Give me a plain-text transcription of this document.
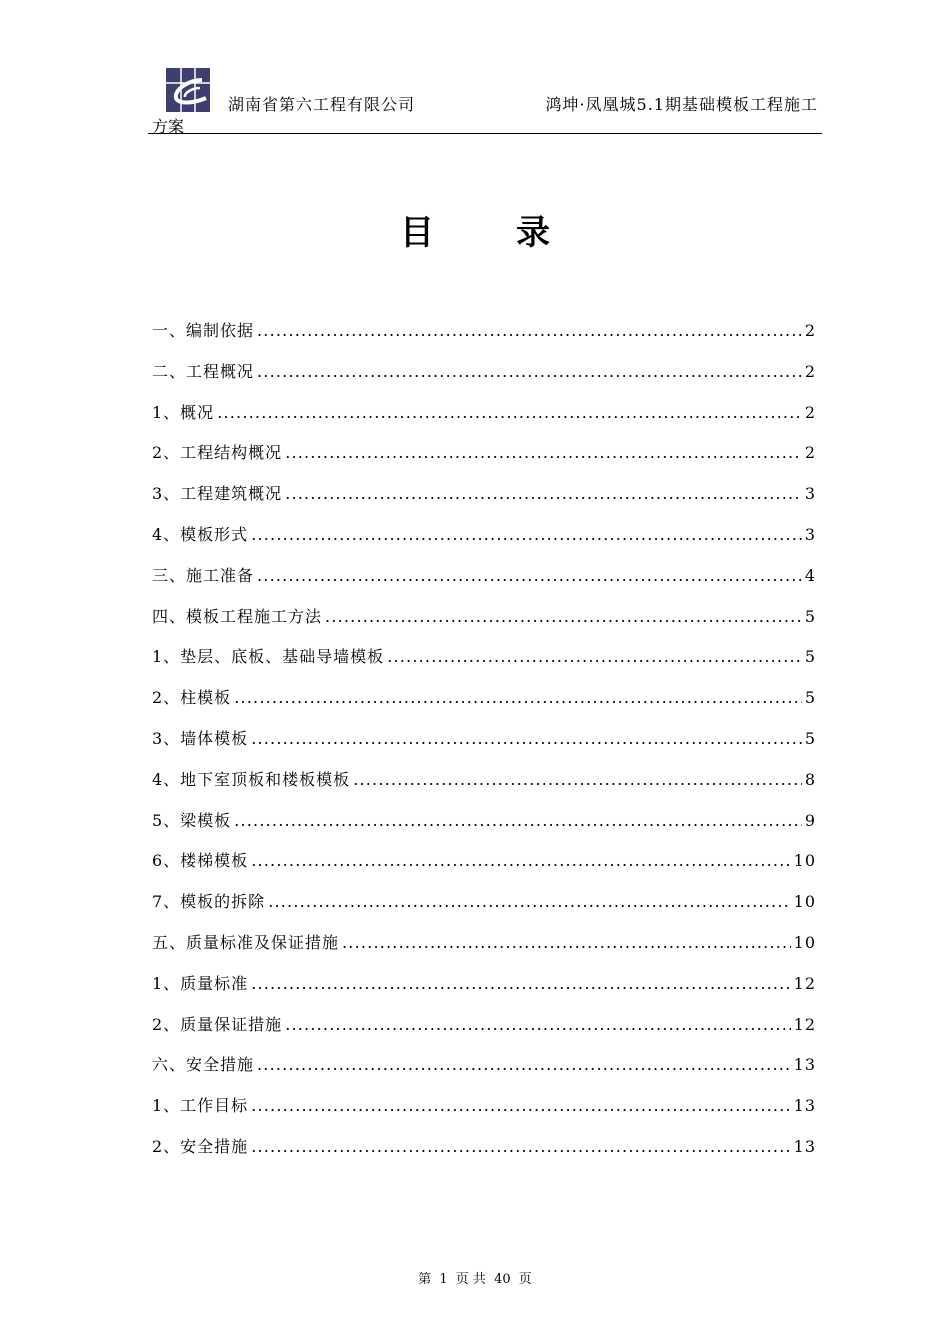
湖南省第六工程有限公司	鸿坤·凤凰城5.1期基础模板工程施工
方案
目录
一、编制依据 .....	2
二、工程概况 .....	2
1、概况 .....	2
2、工程结构概况 .....	2
3、工程建筑概况 .....	3
4、模板形式 .....	3
三、施工准备 .....	4
四、模板工程施工方法 .....	5
1、垫层、底板、基础导墙模板 .....	5
2、柱模板 .....	5
3、墙体模板 .....	5
4、地下室顶板和楼板模板 .....	8
5、梁模板 .....	9
6、楼梯模板 .....	10
7、模板的拆除 .....	10
五、质量标准及保证措施 .....	10
1、质量标准 .....	12
2、质量保证措施 .....	12
六、安全措施 .....	13
1、工作目标 .....	13
2、安全措施 .....	13
第 1 页 共 40 页
